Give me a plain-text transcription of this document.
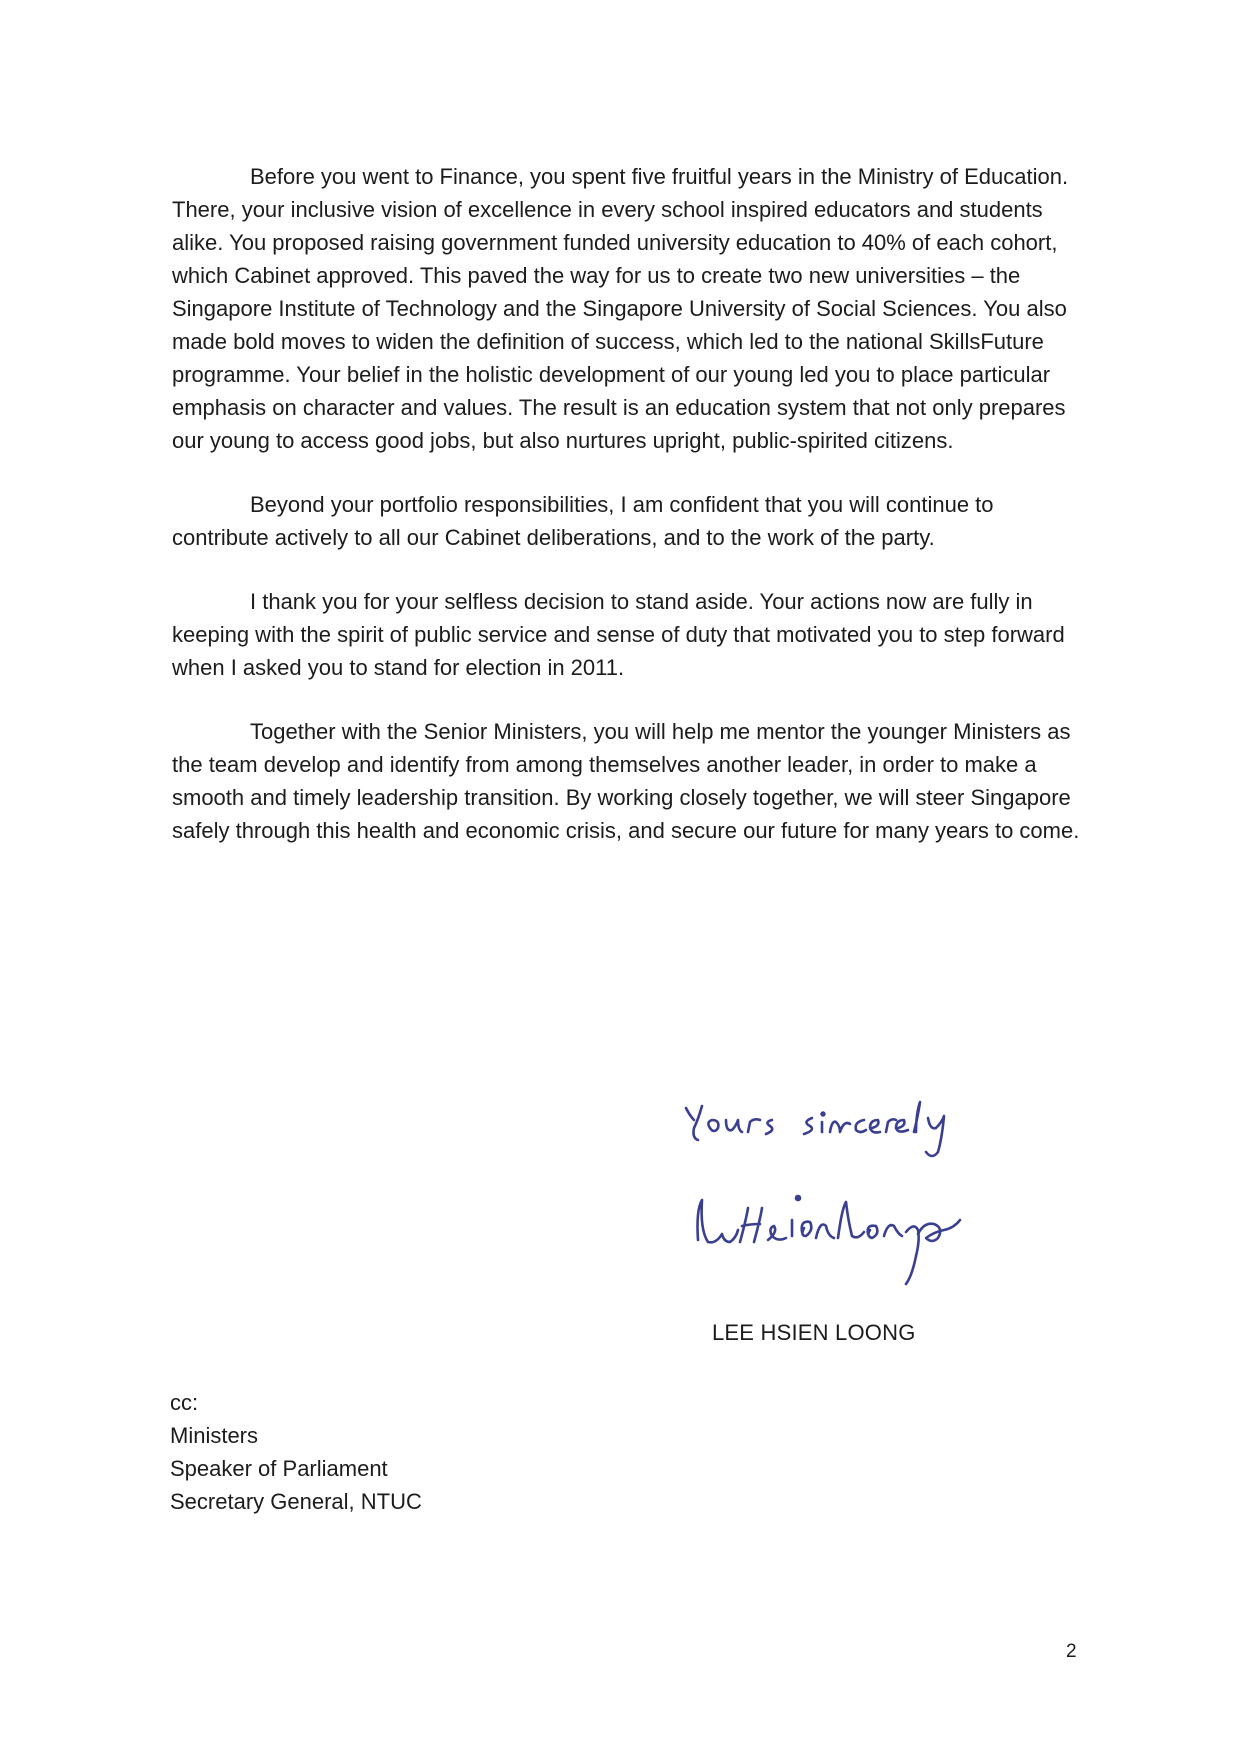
Before you went to Finance, you spent five fruitful years in the Ministry of Education. There, your inclusive vision of excellence in every school inspired educators and students alike. You proposed raising government funded university education to 40% of each cohort, which Cabinet approved. This paved the way for us to create two new universities – the Singapore Institute of Technology and the Singapore University of Social Sciences. You also made bold moves to widen the definition of success, which led to the national SkillsFuture programme. Your belief in the holistic development of our young led you to place particular emphasis on character and values. The result is an education system that not only prepares our young to access good jobs, but also nurtures upright, public-spirited citizens.

Beyond your portfolio responsibilities, I am confident that you will continue to contribute actively to all our Cabinet deliberations, and to the work of the party.

I thank you for your selfless decision to stand aside. Your actions now are fully in keeping with the spirit of public service and sense of duty that motivated you to step forward when I asked you to stand for election in 2011.

Together with the Senior Ministers, you will help me mentor the younger Ministers as the team develop and identify from among themselves another leader, in order to make a smooth and timely leadership transition. By working closely together, we will steer Singapore safely through this health and economic crisis, and secure our future for many years to come.

LEE HSIEN LOONG
cc:
Ministers
Speaker of Parliament
Secretary General, NTUC
2
